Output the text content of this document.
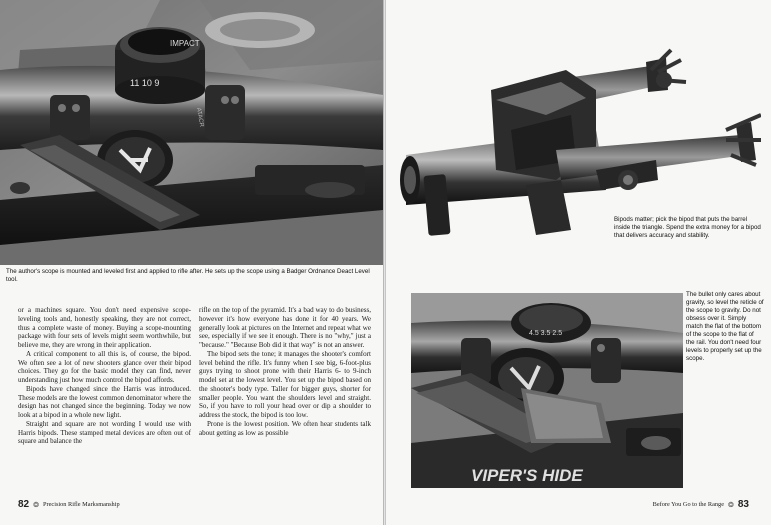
IMPACT
11 10 9
ATACR
The author's scope is mounted and leveled first and applied to rifle after. He sets up the scope using a Badger Ordnance Deact Level tool.

or a machines square. You don't need expensive scope-leveling tools and, honestly speaking, they are not correct, thus a complete waste of money. Buying a scope-mounting package with four sets of levels might seem worthwhile, but believe me, they are wrong in their application.

A critical component to all this is, of course, the bipod. We often see a lot of new shooters glance over their bipod choices. They go for the basic model they can find, never understanding just how much control the bipod affords.

Bipods have changed since the Harris was introduced. These models are the lowest common denominator where the design has not changed since the beginning. Today we now look at a bipod in a whole new light.

Straight and square are not wording I would use with Harris bipods. These stamped metal devices are often out of square and balance the

rifle on the top of the pyramid. It's a bad way to do business, however it's how everyone has done it for 40 years. We generally look at pictures on the Internet and repeat what we see, especially if we see it enough. There is no "why," just a "because." "Because Bob did it that way" is not an answer.

The bipod sets the tone; it manages the shooter's comfort level behind the rifle. It's funny when I see big, 6-foot-plus guys trying to shoot prone with their Harris 6- to 9-inch model set at the lowest level. You set up the bipod based on the shooter's body type. Taller for bigger guys, shorter for smaller people. You want the shoulders level and straight. So, if you have to roll your head over or dip a shoulder to address the stock, the bipod is too low.

Prone is the lowest position. We often hear students talk about getting as low as possible

82 ❂ Precision Rifle Marksmanship
Bipods matter; pick the bipod that puts the barrel inside the triangle. Spend the extra money for a bipod that delivers accuracy and stability.
4.5 3.5 2.5
VIPER'S HIDE
The bullet only cares about gravity, so level the reticle of the scope to gravity. Do not obsess over it. Simply match the flat of the bottom of the scope to the flat of the rail. You don't need four levels to properly set up the scope.
Before You Go to the Range ❂ 83
